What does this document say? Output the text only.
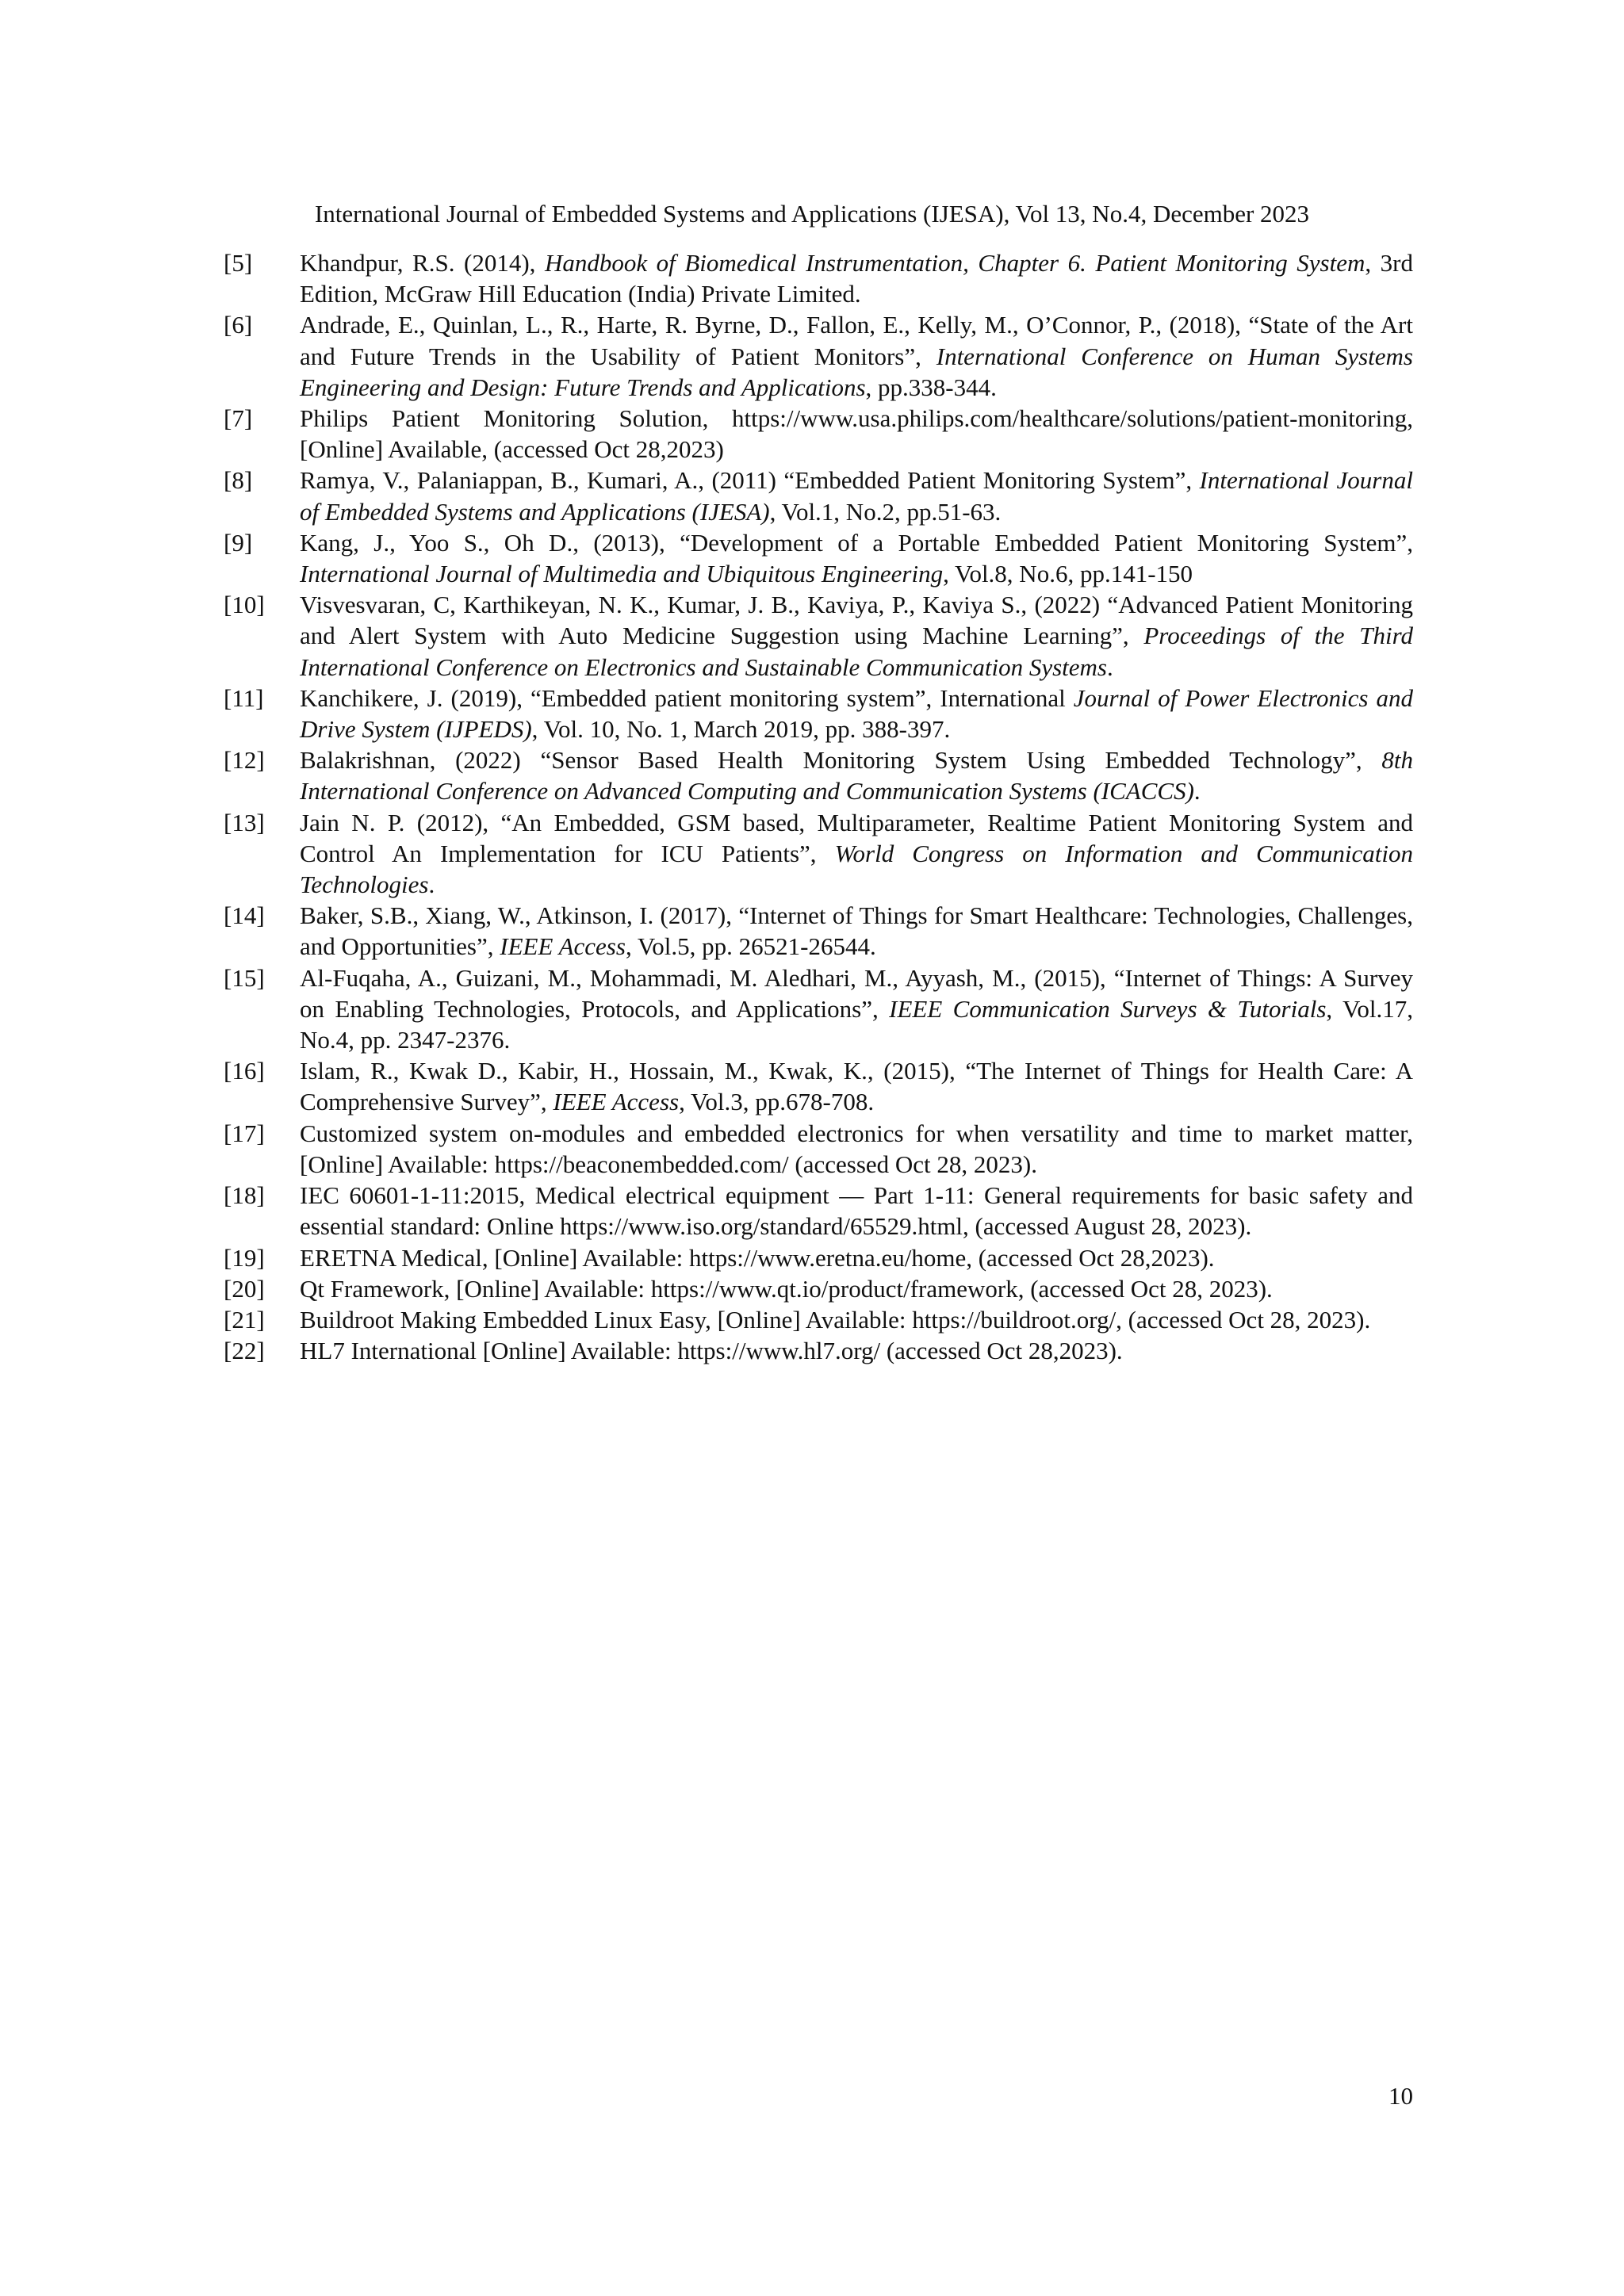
International Journal of Embedded Systems and Applications (IJESA), Vol 13, No.4, December 2023
[5] Khandpur, R.S. (2014), Handbook of Biomedical Instrumentation, Chapter 6. Patient Monitoring System, 3rd Edition, McGraw Hill Education (India) Private Limited.
[6] Andrade, E., Quinlan, L., R., Harte, R. Byrne, D., Fallon, E., Kelly, M., O’Connor, P., (2018), “State of the Art and Future Trends in the Usability of Patient Monitors”, International Conference on Human Systems Engineering and Design: Future Trends and Applications, pp.338-344.
[7] Philips Patient Monitoring Solution, https://www.usa.philips.com/healthcare/solutions/patient-monitoring, [Online] Available, (accessed Oct 28,2023)
[8] Ramya, V., Palaniappan, B., Kumari, A., (2011) “Embedded Patient Monitoring System”, International Journal of Embedded Systems and Applications (IJESA), Vol.1, No.2, pp.51-63.
[9] Kang, J., Yoo S., Oh D., (2013), “Development of a Portable Embedded Patient Monitoring System”, International Journal of Multimedia and Ubiquitous Engineering, Vol.8, No.6, pp.141-150
[10] Visvesvaran, C, Karthikeyan, N. K., Kumar, J. B., Kaviya, P., Kaviya S., (2022) “Advanced Patient Monitoring and Alert System with Auto Medicine Suggestion using Machine Learning”, Proceedings of the Third International Conference on Electronics and Sustainable Communication Systems.
[11] Kanchikere, J. (2019), “Embedded patient monitoring system”, International Journal of Power Electronics and Drive System (IJPEDS), Vol. 10, No. 1, March 2019, pp. 388-397.
[12] Balakrishnan, (2022) “Sensor Based Health Monitoring System Using Embedded Technology”, 8th International Conference on Advanced Computing and Communication Systems (ICACCS).
[13] Jain N. P. (2012), “An Embedded, GSM based, Multiparameter, Realtime Patient Monitoring System and Control An Implementation for ICU Patients”, World Congress on Information and Communication Technologies.
[14] Baker, S.B., Xiang, W., Atkinson, I. (2017), “Internet of Things for Smart Healthcare: Technologies, Challenges, and Opportunities”, IEEE Access, Vol.5, pp. 26521-26544.
[15] Al-Fuqaha, A., Guizani, M., Mohammadi, M. Aledhari, M., Ayyash, M., (2015), “Internet of Things: A Survey on Enabling Technologies, Protocols, and Applications”, IEEE Communication Surveys & Tutorials, Vol.17, No.4, pp. 2347-2376.
[16] Islam, R., Kwak D., Kabir, H., Hossain, M., Kwak, K., (2015), “The Internet of Things for Health Care: A Comprehensive Survey”, IEEE Access, Vol.3, pp.678-708.
[17] Customized system on-modules and embedded electronics for when versatility and time to market matter, [Online] Available: https://beaconembedded.com/ (accessed Oct 28, 2023).
[18] IEC 60601-1-11:2015, Medical electrical equipment — Part 1-11: General requirements for basic safety and essential standard: Online https://www.iso.org/standard/65529.html, (accessed August 28, 2023).
[19] ERETNA Medical, [Online] Available: https://www.eretna.eu/home, (accessed Oct 28,2023).
[20] Qt Framework, [Online] Available: https://www.qt.io/product/framework, (accessed Oct 28, 2023).
[21] Buildroot Making Embedded Linux Easy, [Online] Available: https://buildroot.org/, (accessed Oct 28, 2023).
[22] HL7 International [Online] Available: https://www.hl7.org/ (accessed Oct 28,2023).
10
